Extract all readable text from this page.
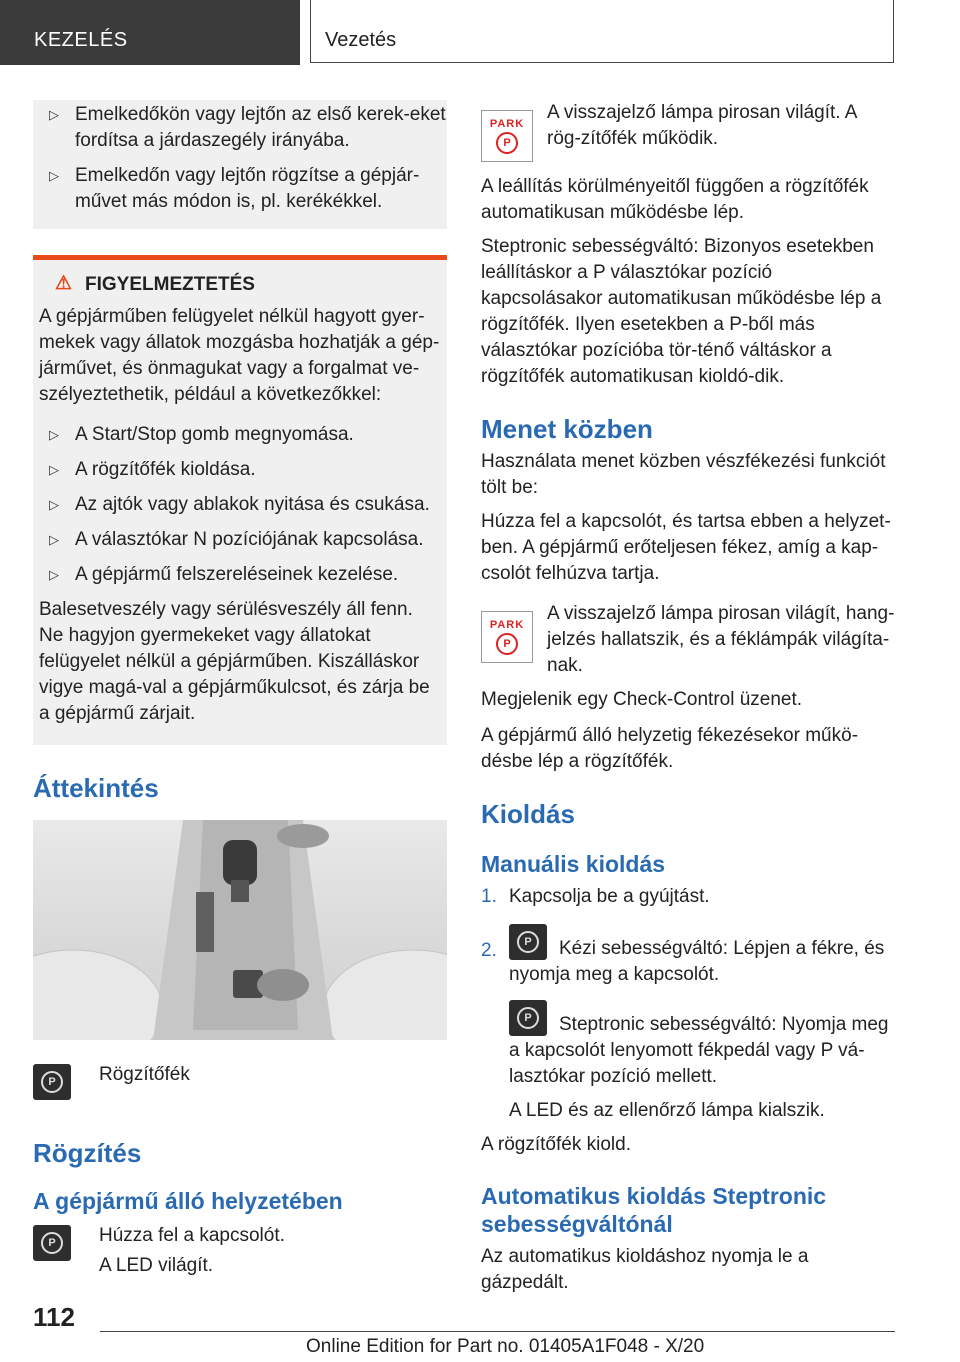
KEZELÉS	Vezetés
▷ Emelkedőkön vagy lejtőn az első kerek-eket fordítsa a járdaszegély irányába.
▷ Emelkedőn vagy lejtőn rögzítse a gépjár-művet más módon is, pl. kerékékkel.
⚠ FIGYELMEZTETÉS

A gépjárműben felügyelet nélkül hagyott gyer-mekek vagy állatok mozgásba hozhatják a gép-járművet, és önmagukat vagy a forgalmat ve-szélyeztethetik, például a következőkkel:

▷ A Start/Stop gomb megnyomása.
▷ A rögzítőfék kioldása.
▷ Az ajtók vagy ablakok nyitása és csukása.
▷ A választókar N pozíciójának kapcsolása.
▷ A gépjármű felszereléseinek kezelése.

Balesetveszély vagy sérülésveszély áll fenn. Ne hagyjon gyermekeket vagy állatokat felügyelet nélkül a gépjárműben. Kiszálláskor vigye magá-val a gépjárműkulcsot, és zárja be a gépjármű zárjait.

Áttekintés
P	Rögzítőfék

Rögzítés
A gépjármű álló helyzetében
P	Húzza fel a kapcsolót.

A LED világít.

PARK
P

A visszajelző lámpa pirosan világít. A rög-zítőfék működik.

A leállítás körülményeitől függően a rögzítőfék automatikusan működésbe lép.

Steptronic sebességváltó: Bizonyos esetekben leállításkor a P választókar pozíció kapcsolásakor automatikusan működésbe lép a rögzítőfék. Ilyen esetekben a P-ből más választókar pozícióba tör-ténő váltáskor a rögzítőfék automatikusan kioldó-dik.

Menet közben

Használata menet közben vészfékezési funkciót tölt be:

Húzza fel a kapcsolót, és tartsa ebben a helyzet-ben. A gépjármű erőteljesen fékez, amíg a kap-csolót felhúzva tartja.

PARK
P

A visszajelző lámpa pirosan világít, hang-jelzés hallatszik, és a féklámpák világíta-nak.

Megjelenik egy Check-Control üzenet.

A gépjármű álló helyzetig fékezésekor műkö-désbe lép a rögzítőfék.

Kioldás
Manuális kioldás
1. Kapcsolja be a gyújtást.
2.	P	Kézi sebességváltó: Lépjen a fékre, és nyomja meg a kapcsolót.
P	Steptronic sebességváltó: Nyomja meg a kapcsolót lenyomott fékpedál vagy P vá-lasztókar pozíció mellett.
A LED és az ellenőrző lámpa kialszik.

A rögzítőfék kiold.

Automatikus kioldás Steptronic sebességváltónál

Az automatikus kioldáshoz nyomja le a gázpedált.

112
Online Edition for Part no. 01405A1F048 - X/20
